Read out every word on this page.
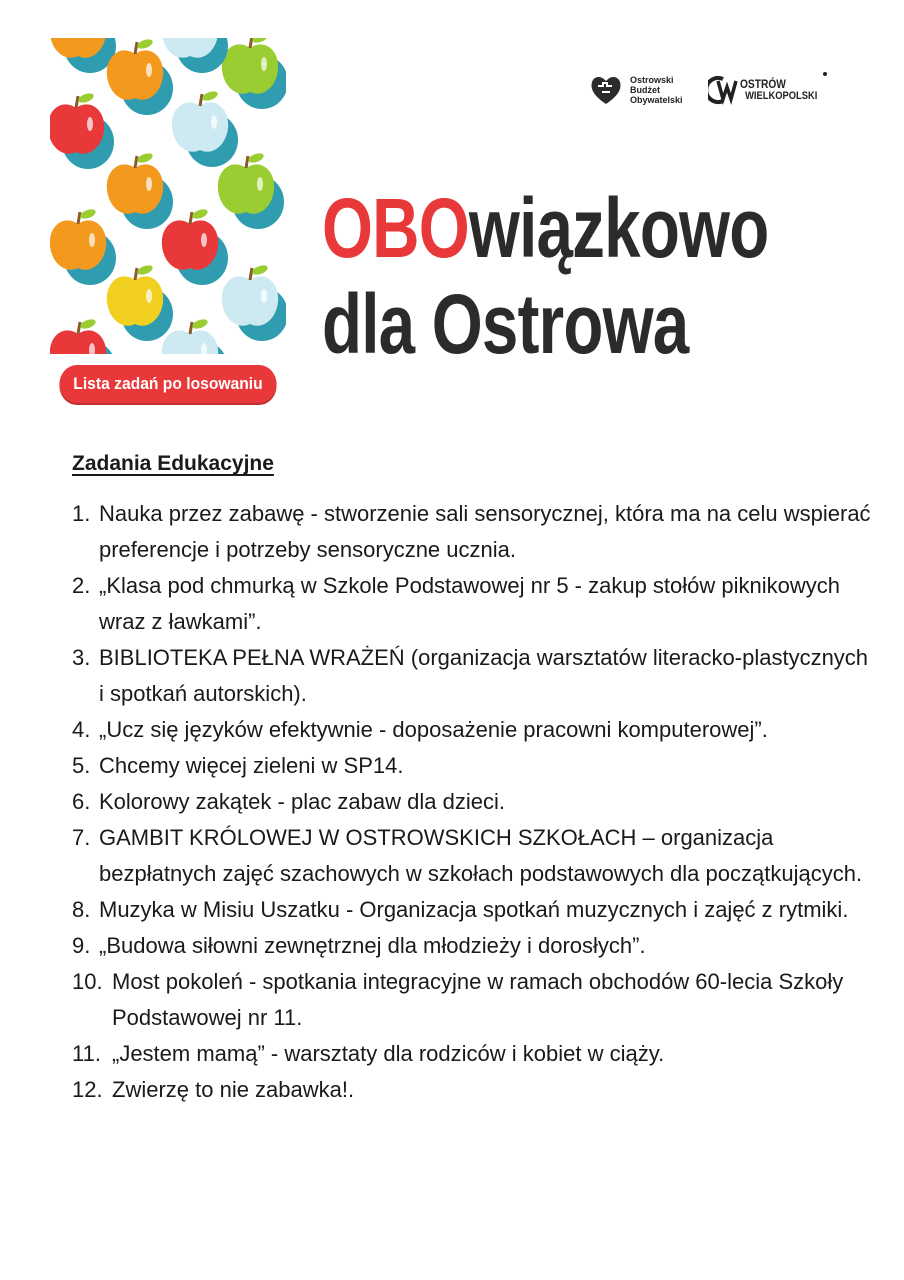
Lista zadań po losowaniu
Ostrowski
Budżet
Obywatelski
OSTRÓW
WIELKOPOLSKI
OBOwiązkowo
dla Ostrowa
Zadania Edukacyjne
1. Nauka przez zabawę - stworzenie sali sensorycznej, która ma na celu wspierać preferencje i potrzeby sensoryczne ucznia.
2. „Klasa pod chmurką w Szkole Podstawowej nr 5 - zakup stołów piknikowych wraz z ławkami”.
3. BIBLIOTEKA PEŁNA WRAŻEŃ (organizacja warsztatów literacko-plastycznych i spotkań autorskich).
4. „Ucz się języków efektywnie - doposażenie pracowni komputerowej”.
5. Chcemy więcej zieleni w SP14.
6. Kolorowy zakątek - plac zabaw dla dzieci.
7. GAMBIT KRÓLOWEJ W OSTROWSKICH SZKOŁACH – organizacja bezpłatnych zajęć szachowych w szkołach podstawowych dla początkujących.
8. Muzyka w Misiu Uszatku - Organizacja spotkań muzycznych i zajęć z rytmiki.
9. „Budowa siłowni zewnętrznej dla młodzieży i dorosłych”.
10. Most pokoleń - spotkania integracyjne w ramach obchodów 60-lecia Szkoły Podstawowej nr 11.
11. „Jestem mamą” - warsztaty dla rodziców i kobiet w ciąży.
12. Zwierzę to nie zabawka!.
